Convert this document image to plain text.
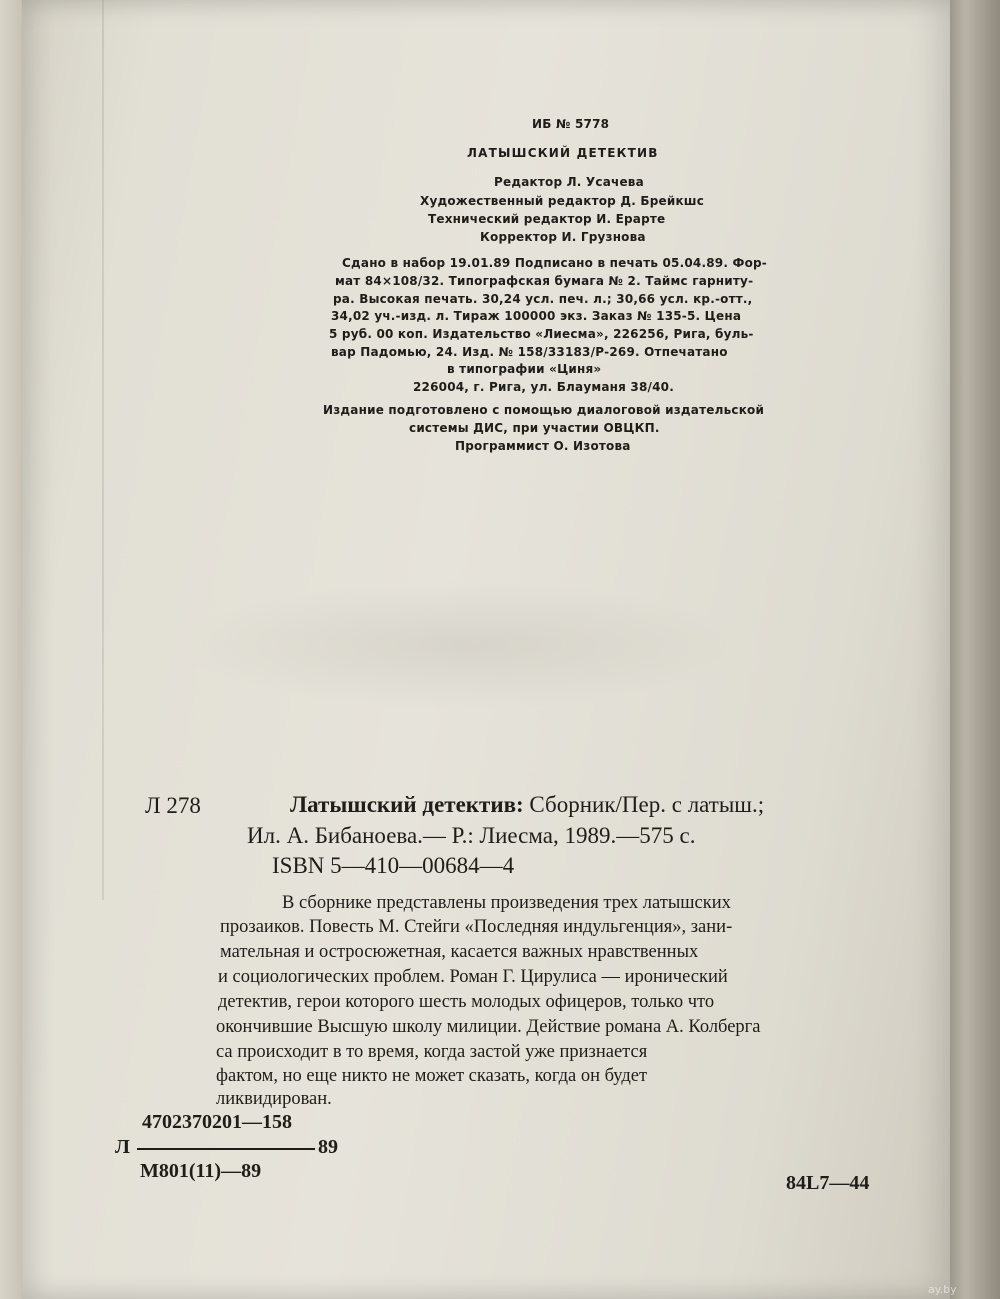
ИБ № 5778

ЛАТЫШСКИЙ ДЕТЕКТИВ

Редактор Л. Усачева

Художественный редактор Д. Брейкшс

Технический редактор И. Ерарте

Корректор И. Грузнова

Сдано в набор 19.01.89 Подписано в печать 05.04.89. Фор-

мат 84×108/32. Типографская бумага № 2. Таймс гарниту-

ра. Высокая печать. 30,24 усл. печ. л.; 30,66 усл. кр.-отт.,

34,02 уч.-изд. л. Тираж 100000 экз. Заказ № 135-5. Цена

5 руб. 00 коп. Издательство «Лиесма», 226256, Рига, буль-

вар Падомью, 24. Изд. № 158/33183/Р-269. Отпечатано

в типографии «Циня»

226004, г. Рига, ул. Блауманя 38/40.

Издание подготовлено с помощью диалоговой издательской

системы ДИС, при участии ОВЦКП.

Программист О. Изотова

Л 278	Латышский детектив: Сборник/Пер. с латыш.;

Ил. А. Бибаноева.— Р.: Лиесма, 1989.—575 с.

ISBN 5—410—00684—4

В сборнике представлены произведения трех латышских

прозаиков. Повесть М. Стейги «Последняя индульгенция», зани-

мательная и остросюжетная, касается важных нравственных

и социологических проблем. Роман Г. Цирулиса — иронический

детектив, герои которого шесть молодых офицеров, только что

окончившие Высшую школу милиции. Действие романа А. Колберга

са происходит в то время, когда застой уже признается

фактом, но еще никто не может сказать, когда он будет

ликвидирован.

4702370201—158

Л	89

М801(11)—89

84L7—44

ay.by
